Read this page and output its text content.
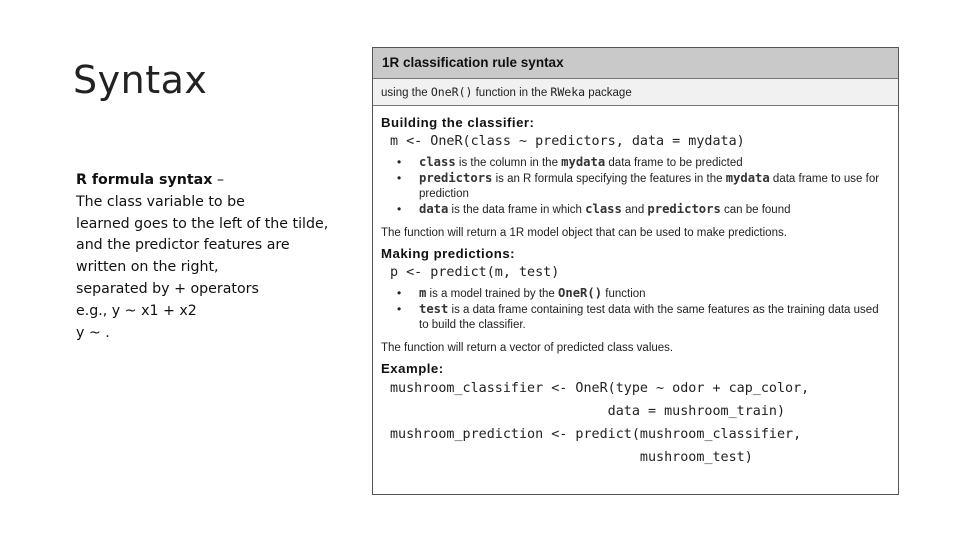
Syntax
R formula syntax –
The class variable to be
learned goes to the left of the tilde,
and the predictor features are
written on the right,
separated by + operators
e.g., y ~ x1 + x2
y ~ .
1R classification rule syntax
using the OneR() function in the RWeka package
Building the classifier:
m <- OneR(class ~ predictors, data = mydata)
• class is the column in the mydata data frame to be predicted
• predictors is an R formula specifying the features in the mydata data frame to use for prediction
• data is the data frame in which class and predictors can be found
The function will return a 1R model object that can be used to make predictions.
Making predictions:
p <- predict(m, test)
• m is a model trained by the OneR() function
• test is a data frame containing test data with the same features as the training data used to build the classifier.
The function will return a vector of predicted class values.
Example:
mushroom_classifier <- OneR(type ~ odor + cap_color,
data = mushroom_train)
mushroom_prediction <- predict(mushroom_classifier,
mushroom_test)
